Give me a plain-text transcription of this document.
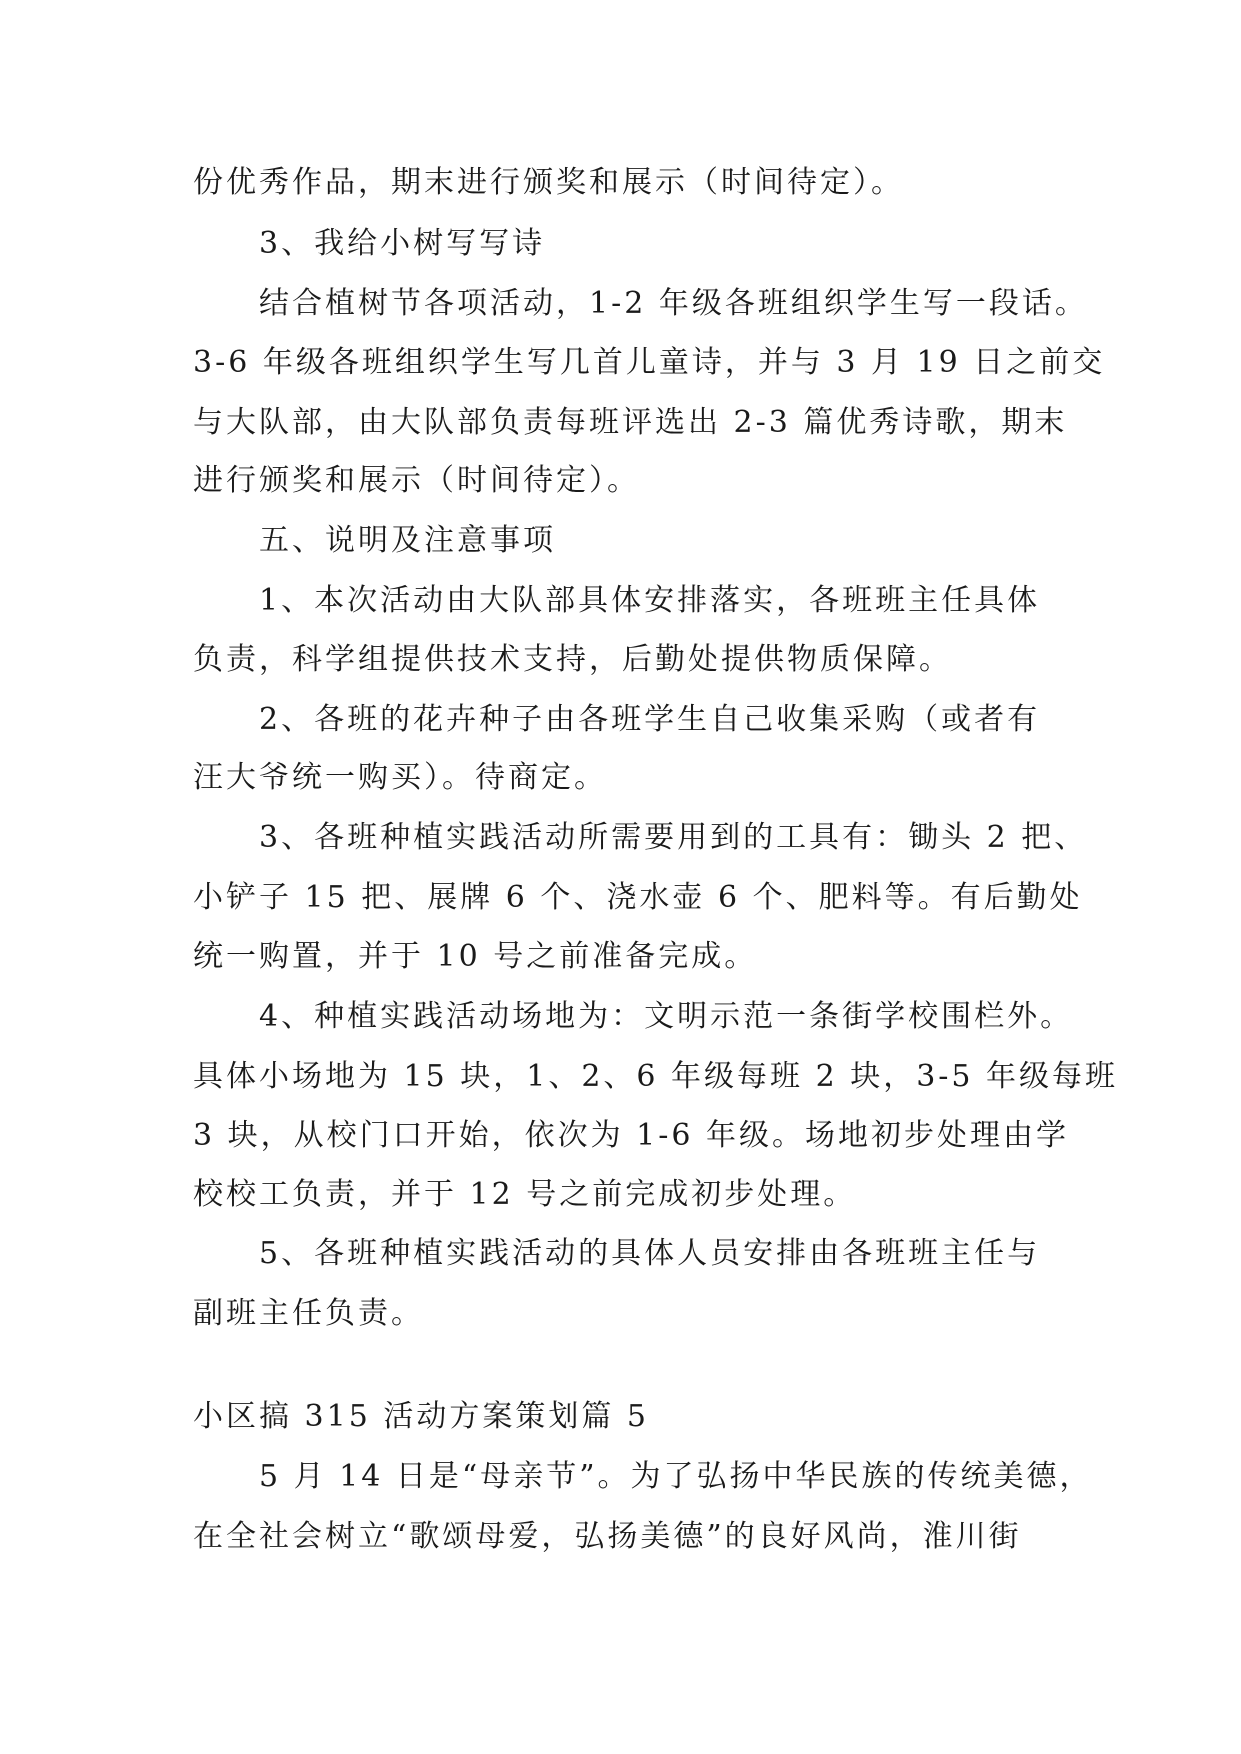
份优秀作品，期末进行颁奖和展示（时间待定）。
3、我给小树写写诗
结合植树节各项活动，1-2 年级各班组织学生写一段话。
3-6 年级各班组织学生写几首儿童诗，并与 3 月 19 日之前交
与大队部，由大队部负责每班评选出 2-3 篇优秀诗歌，期末
进行颁奖和展示（时间待定）。
五、说明及注意事项
1、本次活动由大队部具体安排落实，各班班主任具体
负责，科学组提供技术支持，后勤处提供物质保障。
2、各班的花卉种子由各班学生自己收集采购（或者有
汪大爷统一购买）。待商定。
3、各班种植实践活动所需要用到的工具有：锄头 2 把、
小铲子 15 把、展牌 6 个、浇水壶 6 个、肥料等。有后勤处
统一购置，并于 10 号之前准备完成。
4、种植实践活动场地为：文明示范一条街学校围栏外。
具体小场地为 15 块，1、2、6 年级每班 2 块，3-5 年级每班
3 块，从校门口开始，依次为 1-6 年级。场地初步处理由学
校校工负责，并于 12 号之前完成初步处理。
5、各班种植实践活动的具体人员安排由各班班主任与
副班主任负责。
小区搞 315 活动方案策划篇 5
5 月 14 日是“母亲节”。为了弘扬中华民族的传统美德，
在全社会树立“歌颂母爱，弘扬美德”的良好风尚，淮川街
